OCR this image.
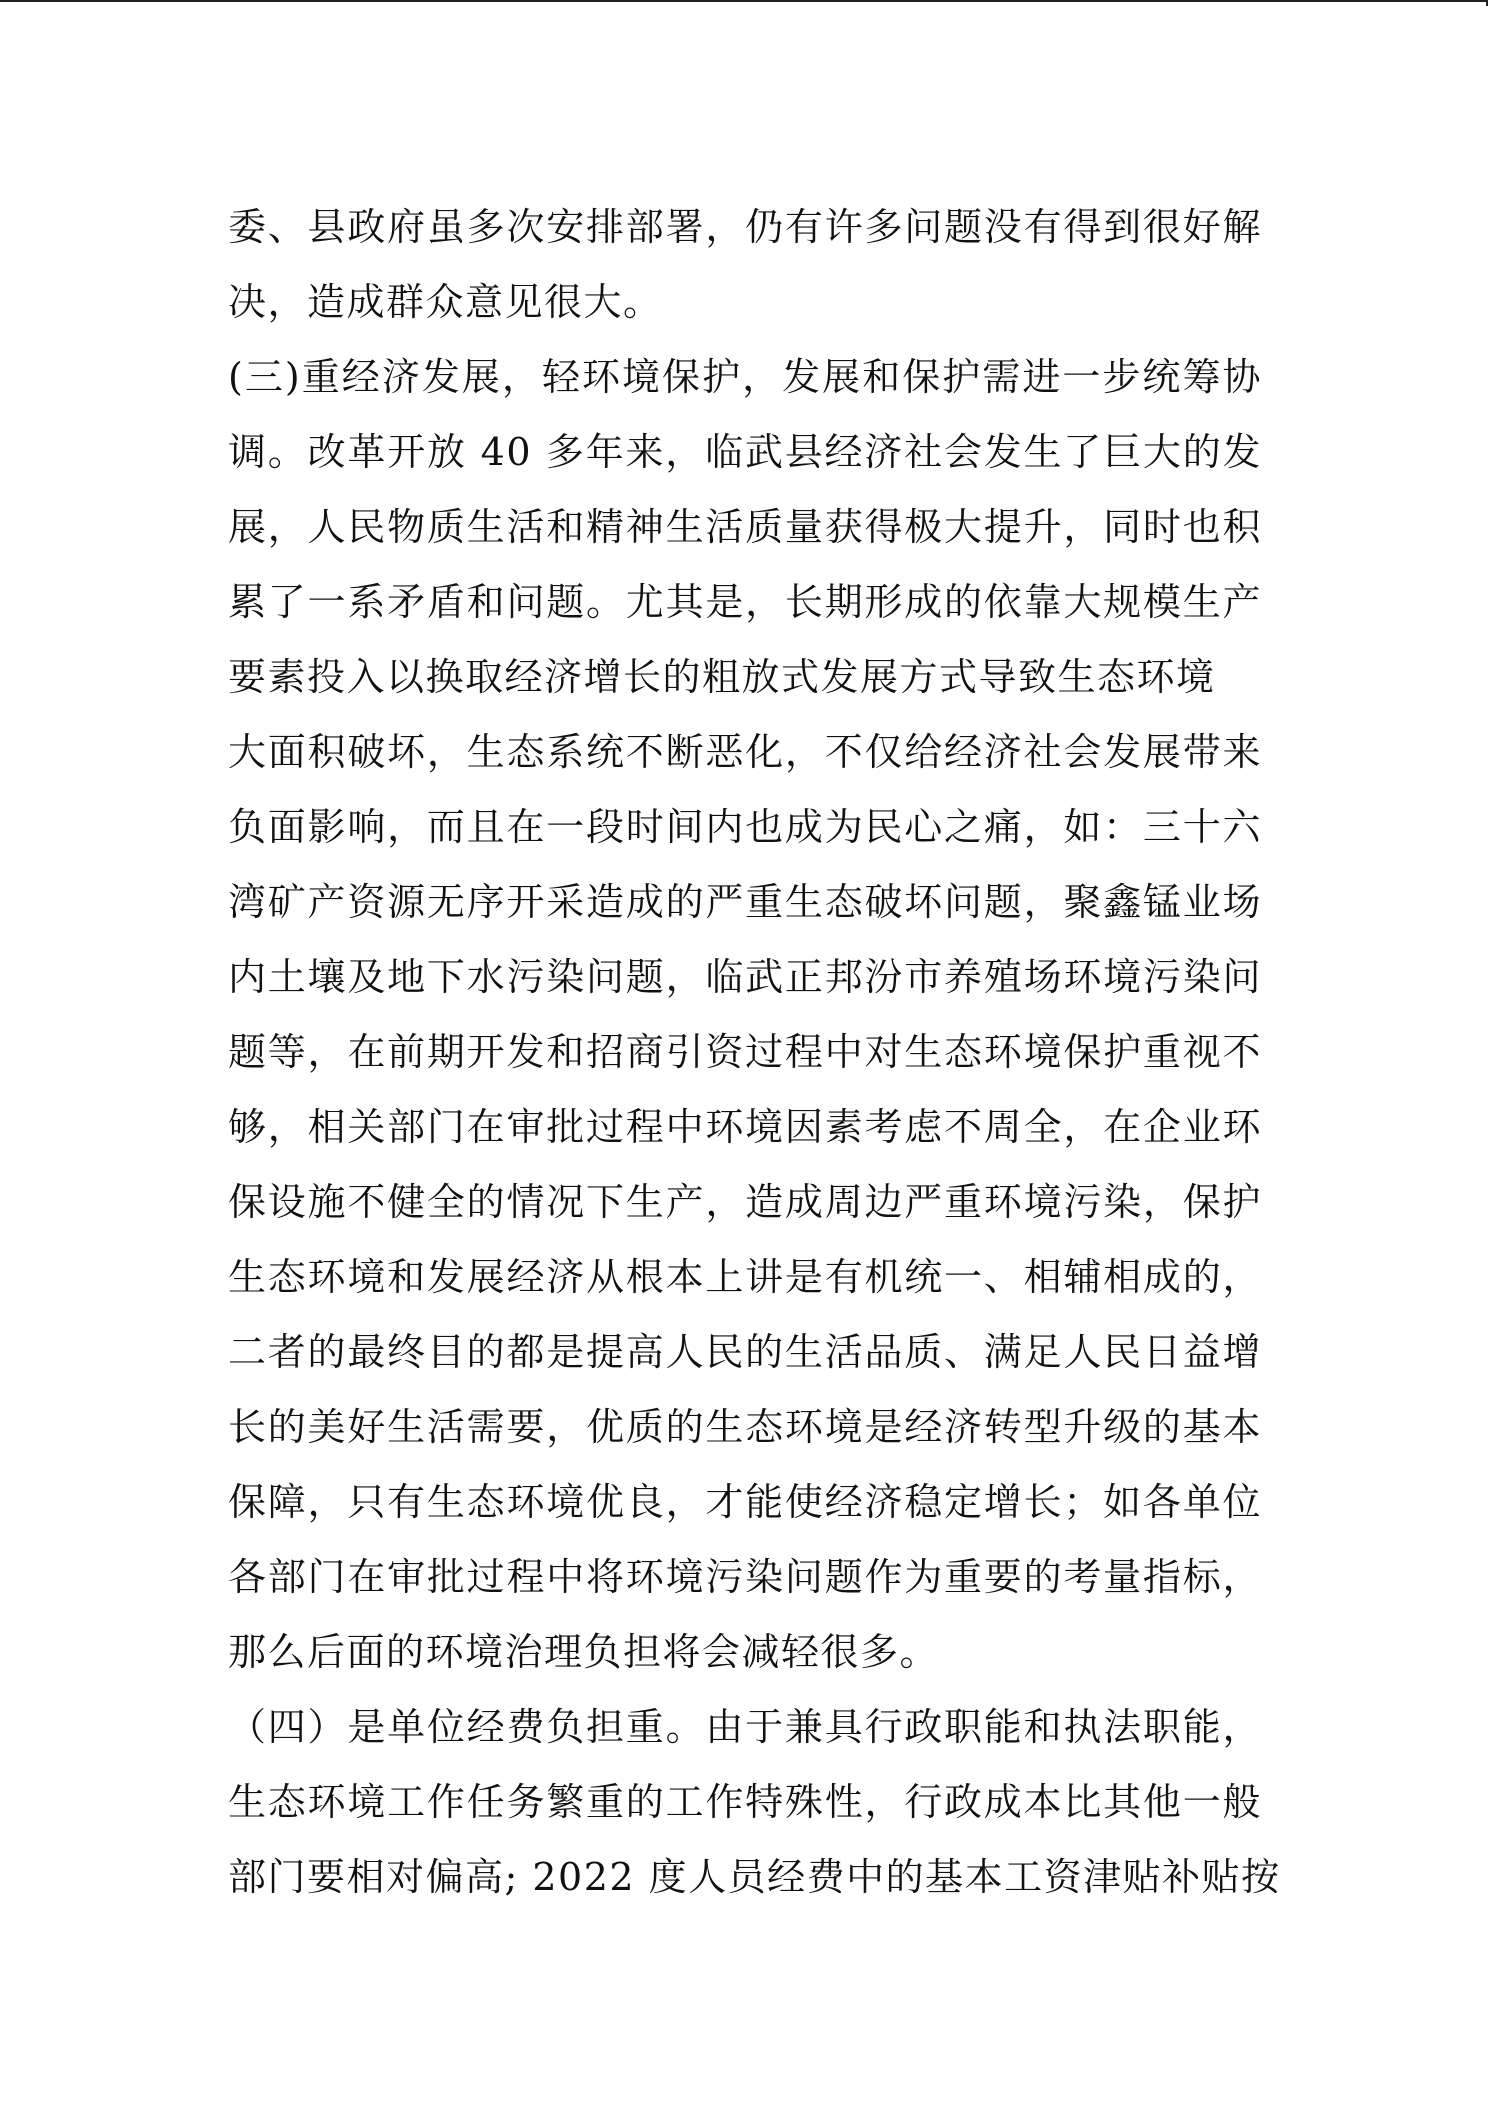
委、县政府虽多次安排部署，仍有许多问题没有得到很好解
决，造成群众意见很大。
(三)重经济发展，轻环境保护，发展和保护需进一步统筹协
调。改革开放 40 多年来，临武县经济社会发生了巨大的发
展，人民物质生活和精神生活质量获得极大提升，同时也积
累了一系矛盾和问题。尤其是，长期形成的依靠大规模生产
要素投入以换取经济增长的粗放式发展方式导致生态环境
大面积破坏，生态系统不断恶化，不仅给经济社会发展带来
负面影响，而且在一段时间内也成为民心之痛，如：三十六
湾矿产资源无序开采造成的严重生态破坏问题，聚鑫锰业场
内土壤及地下水污染问题，临武正邦汾市养殖场环境污染问
题等，在前期开发和招商引资过程中对生态环境保护重视不
够，相关部门在审批过程中环境因素考虑不周全，在企业环
保设施不健全的情况下生产，造成周边严重环境污染，保护
生态环境和发展经济从根本上讲是有机统一、相辅相成的，
二者的最终目的都是提高人民的生活品质、满足人民日益增
长的美好生活需要，优质的生态环境是经济转型升级的基本
保障，只有生态环境优良，才能使经济稳定增长；如各单位
各部门在审批过程中将环境污染问题作为重要的考量指标，
那么后面的环境治理负担将会减轻很多。
（四）是单位经费负担重。由于兼具行政职能和执法职能，
生态环境工作任务繁重的工作特殊性，行政成本比其他一般
部门要相对偏高; 2022 度人员经费中的基本工资津贴补贴按
